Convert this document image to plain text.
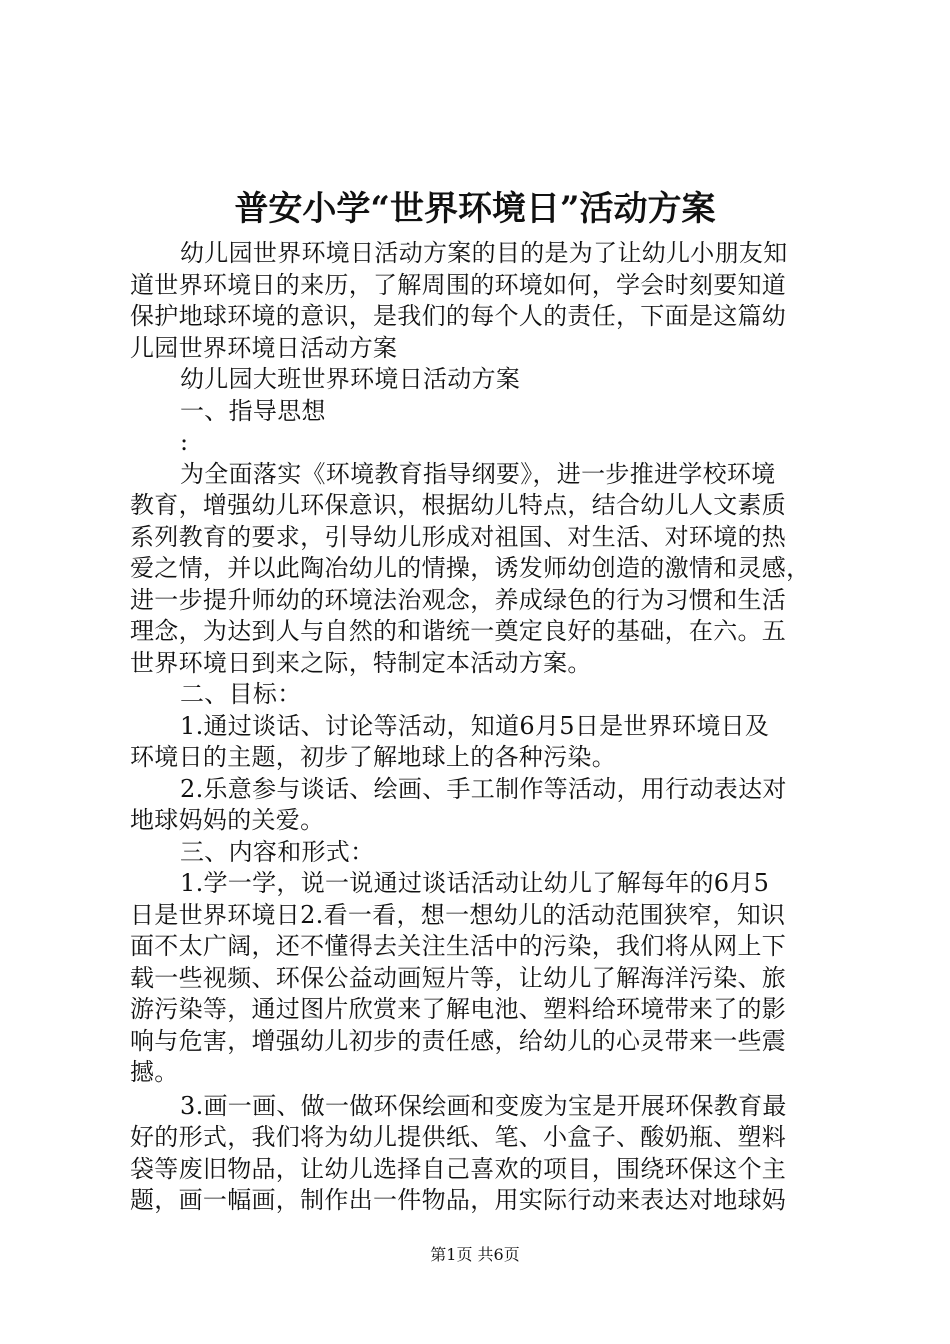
普安小学“世界环境日”活动方案
幼儿园世界环境日活动方案的目的是为了让幼儿小朋友知
道世界环境日的来历，了解周围的环境如何，学会时刻要知道
保护地球环境的意识，是我们的每个人的责任，下面是这篇幼
儿园世界环境日活动方案
幼儿园大班世界环境日活动方案
一、指导思想
:
为全面落实《环境教育指导纲要》，进一步推进学校环境
教育，增强幼儿环保意识，根据幼儿特点，结合幼儿人文素质
系列教育的要求，引导幼儿形成对祖国、对生活、对环境的热
爱之情，并以此陶冶幼儿的情操，诱发师幼创造的激情和灵感，
进一步提升师幼的环境法治观念，养成绿色的行为习惯和生活
理念，为达到人与自然的和谐统一奠定良好的基础，在六。五
世界环境日到来之际，特制定本活动方案。
二、目标：
1.通过谈话、讨论等活动，知道6月5日是世界环境日及
环境日的主题，初步了解地球上的各种污染。
2.乐意参与谈话、绘画、手工制作等活动，用行动表达对
地球妈妈的关爱。
三、内容和形式：
1.学一学，说一说通过谈话活动让幼儿了解每年的6月5
日是世界环境日2.看一看，想一想幼儿的活动范围狭窄，知识
面不太广阔，还不懂得去关注生活中的污染，我们将从网上下
载一些视频、环保公益动画短片等，让幼儿了解海洋污染、旅
游污染等，通过图片欣赏来了解电池、塑料给环境带来了的影
响与危害，增强幼儿初步的责任感，给幼儿的心灵带来一些震
撼。
3.画一画、做一做环保绘画和变废为宝是开展环保教育最
好的形式，我们将为幼儿提供纸、笔、小盒子、酸奶瓶、塑料
袋等废旧物品，让幼儿选择自己喜欢的项目，围绕环保这个主
题，画一幅画，制作出一件物品，用实际行动来表达对地球妈
第1页 共6页
